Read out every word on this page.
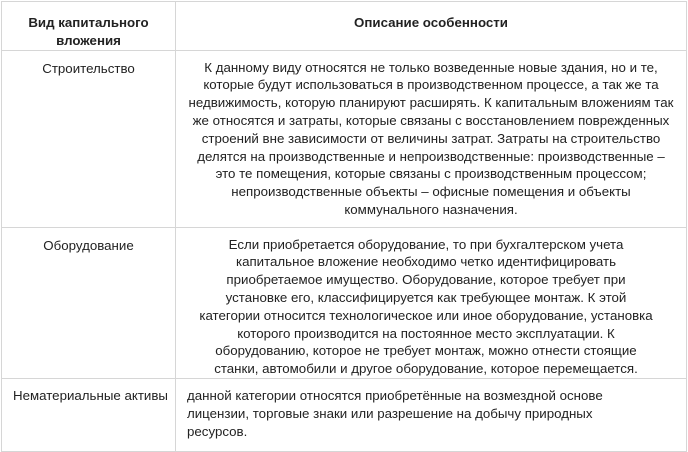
Вид капитального вложения	Описание особенности
Строительство	К данному виду относятся не только возведенные новые здания, но и те, которые будут использоваться в производственном процессе, а так же та недвижимость, которую планируют расширять. К капитальным вложениям так же относятся и затраты, которые связаны с восстановлением поврежденных строений вне зависимости от величины затрат. Затраты на строительство делятся на производственные и непроизводственные: производственные – это те помещения, которые связаны с производственным процессом; непроизводственные объекты – офисные помещения и объекты коммунального назначения.
Оборудование	Если приобретается оборудование, то при бухгалтерском учета капитальное вложение необходимо четко идентифицировать приобретаемое имущество. Оборудование, которое требует при установке его, классифицируется как требующее монтаж. К этой категории относится технологическое или иное оборудование, установка которого производится на постоянное место эксплуатации. К оборудованию, которое не требует монтаж, можно отнести стоящие станки, автомобили и другое оборудование, которое перемещается.
Нематериальные активы	данной категории относятся приобретённые на возмездной основе лицензии, торговые знаки или разрешение на добычу природных ресурсов.
